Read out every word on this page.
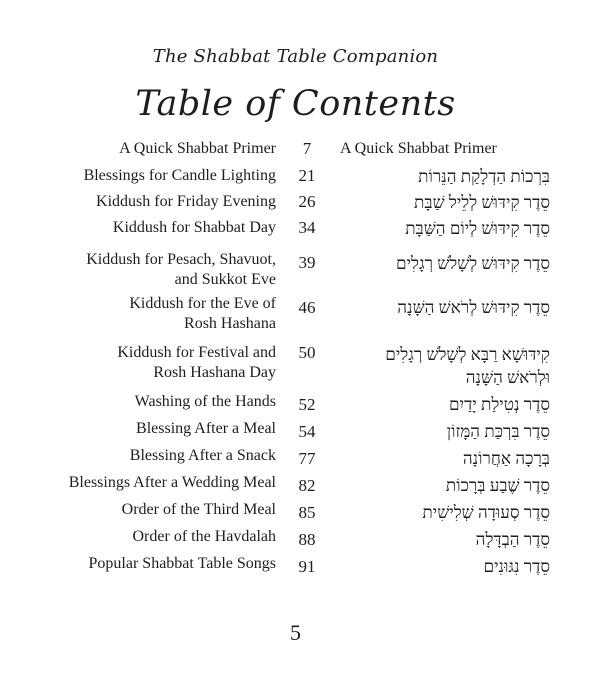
The Shabbat Table Companion
Table of Contents
A Quick Shabbat Primer	7	A Quick Shabbat Primer
Blessings for Candle Lighting	21	בִּרְכוֹת הַדְלָקַת הַנֵּרוֹת
Kiddush for Friday Evening	26	סֵדֶר קִידּוּשׁ לְלֵיל שַׁבָּת
Kiddush for Shabbat Day	34	סֵדֶר קִידּוּשׁ לְיוֹם הַשַּׁבָּת
Kiddush for Pesach, Shavuot,
and Sukkot Eve
39	סֵדֶר קִידּוּשׁ לְשָׁלֹשׁ רְגָלִים
Kiddush for the Eve of
Rosh Hashana
46	סֵדֶר קִידּוּשׁ לְרֹאשׁ הַשָּׁנָה
Kiddush for Festival and
Rosh Hashana Day
50	קִידּוּשָׁא רַבָּא לְשָׁלֹשׁ רְגָלִים
וּלְרֹאשׁ הַשָּׁנָה
Washing of the Hands	52	סֵדֶר נְטִילַת יָדַיִם
Blessing After a Meal	54	סֵדֶר בִּרְכַּת הַמָּזוֹן
Blessing After a Snack	77	בְּרָכָה אַחֲרוֹנָה
Blessings After a Wedding Meal	82	סֵדֶר שֶׁבַע בְּרָכוֹת
Order of the Third Meal	85	סֵדֶר סְעוּדָה שְׁלִישִׁית
Order of the Havdalah	88	סֵדֶר הַבְדָּלָה
Popular Shabbat Table Songs	91	סֵדֶר נִגּוּנִים
5
